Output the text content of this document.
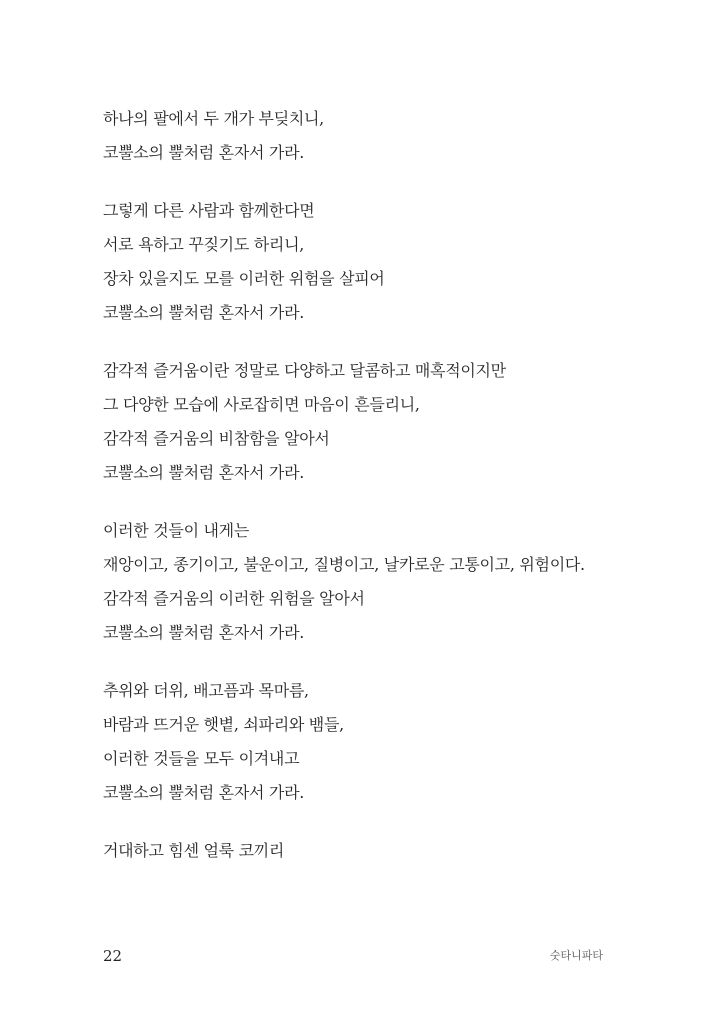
하나의 팔에서 두 개가 부딪치니,
코뿔소의 뿔처럼 혼자서 가라.

그렇게 다른 사람과 함께한다면
서로 욕하고 꾸짖기도 하리니,
장차 있을지도 모를 이러한 위험을 살피어
코뿔소의 뿔처럼 혼자서 가라.

감각적 즐거움이란 정말로 다양하고 달콤하고 매혹적이지만
그 다양한 모습에 사로잡히면 마음이 흔들리니,
감각적 즐거움의 비참함을 알아서
코뿔소의 뿔처럼 혼자서 가라.

이러한 것들이 내게는
재앙이고, 종기이고, 불운이고, 질병이고, 날카로운 고통이고, 위험이다.
감각적 즐거움의 이러한 위험을 알아서
코뿔소의 뿔처럼 혼자서 가라.

추위와 더위, 배고픔과 목마름,
바람과 뜨거운 햇볕, 쇠파리와 뱀들,
이러한 것들을 모두 이겨내고
코뿔소의 뿔처럼 혼자서 가라.

거대하고 힘센 얼룩 코끼리

22	숫타니파타
